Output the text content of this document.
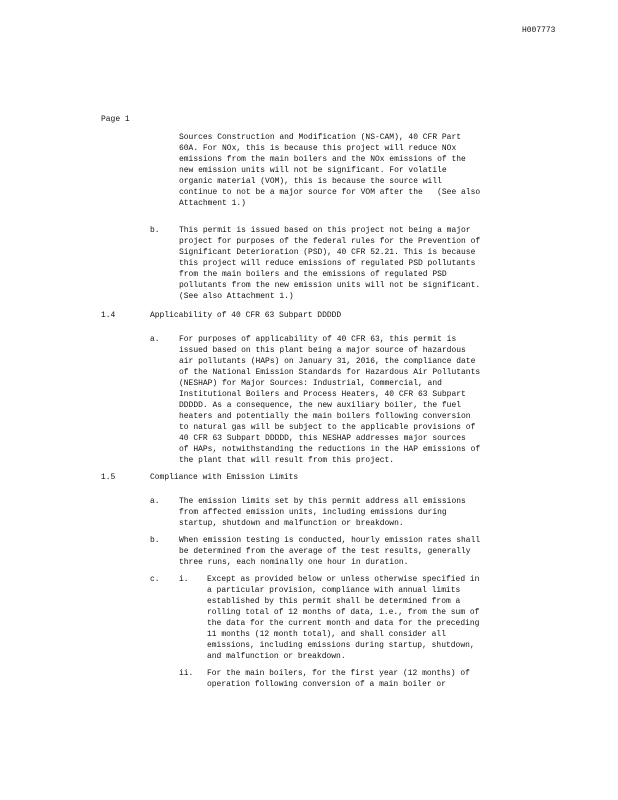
H007773
Page 1
Sources Construction and Modification (NS-CAM), 40 CFR Part
60A. For NOx, this is because this project will reduce NOx
emissions from the main boilers and the NOx emissions of the
new emission units will not be significant. For volatile
organic material (VOM), this is because the source will
continue to not be a major source for VOM after the   (See also
Attachment 1.)
b. This permit is issued based on this project not being a major
project for purposes of the federal rules for the Prevention of
Significant Deterioration (PSD), 40 CFR 52.21. This is because
this project will reduce emissions of regulated PSD pollutants
from the main boilers and the emissions of regulated PSD
pollutants from the new emission units will not be significant.
(See also Attachment 1.)
1.4	Applicability of 40 CFR 63 Subpart DDDDD
a. For purposes of applicability of 40 CFR 63, this permit is
issued based on this plant being a major source of hazardous
air pollutants (HAPs) on January 31, 2016, the compliance date
of the National Emission Standards for Hazardous Air Pollutants
(NESHAP) for Major Sources: Industrial, Commercial, and
Institutional Boilers and Process Heaters, 40 CFR 63 Subpart
DDDDD. As a consequence, the new auxiliary boiler, the fuel
heaters and potentially the main boilers following conversion
to natural gas will be subject to the applicable provisions of
40 CFR 63 Subpart DDDDD, this NESHAP addresses major sources
of HAPs, notwithstanding the reductions in the HAP emissions of
the plant that will result from this project.
1.5	Compliance with Emission Limits
a. The emission limits set by this permit address all emissions
from affected emission units, including emissions during
startup, shutdown and malfunction or breakdown.
b. When emission testing is conducted, hourly emission rates shall
be determined from the average of the test results, generally
three runs, each nominally one hour in duration.
c. i. Except as provided below or unless otherwise specified in
a particular provision, compliance with annual limits
established by this permit shall be determined from a
rolling total of 12 months of data, i.e., from the sum of
the data for the current month and data for the preceding
11 months (12 month total), and shall consider all
emissions, including emissions during startup, shutdown,
and malfunction or breakdown.
ii. For the main boilers, for the first year (12 months) of
operation following conversion of a main boiler or
